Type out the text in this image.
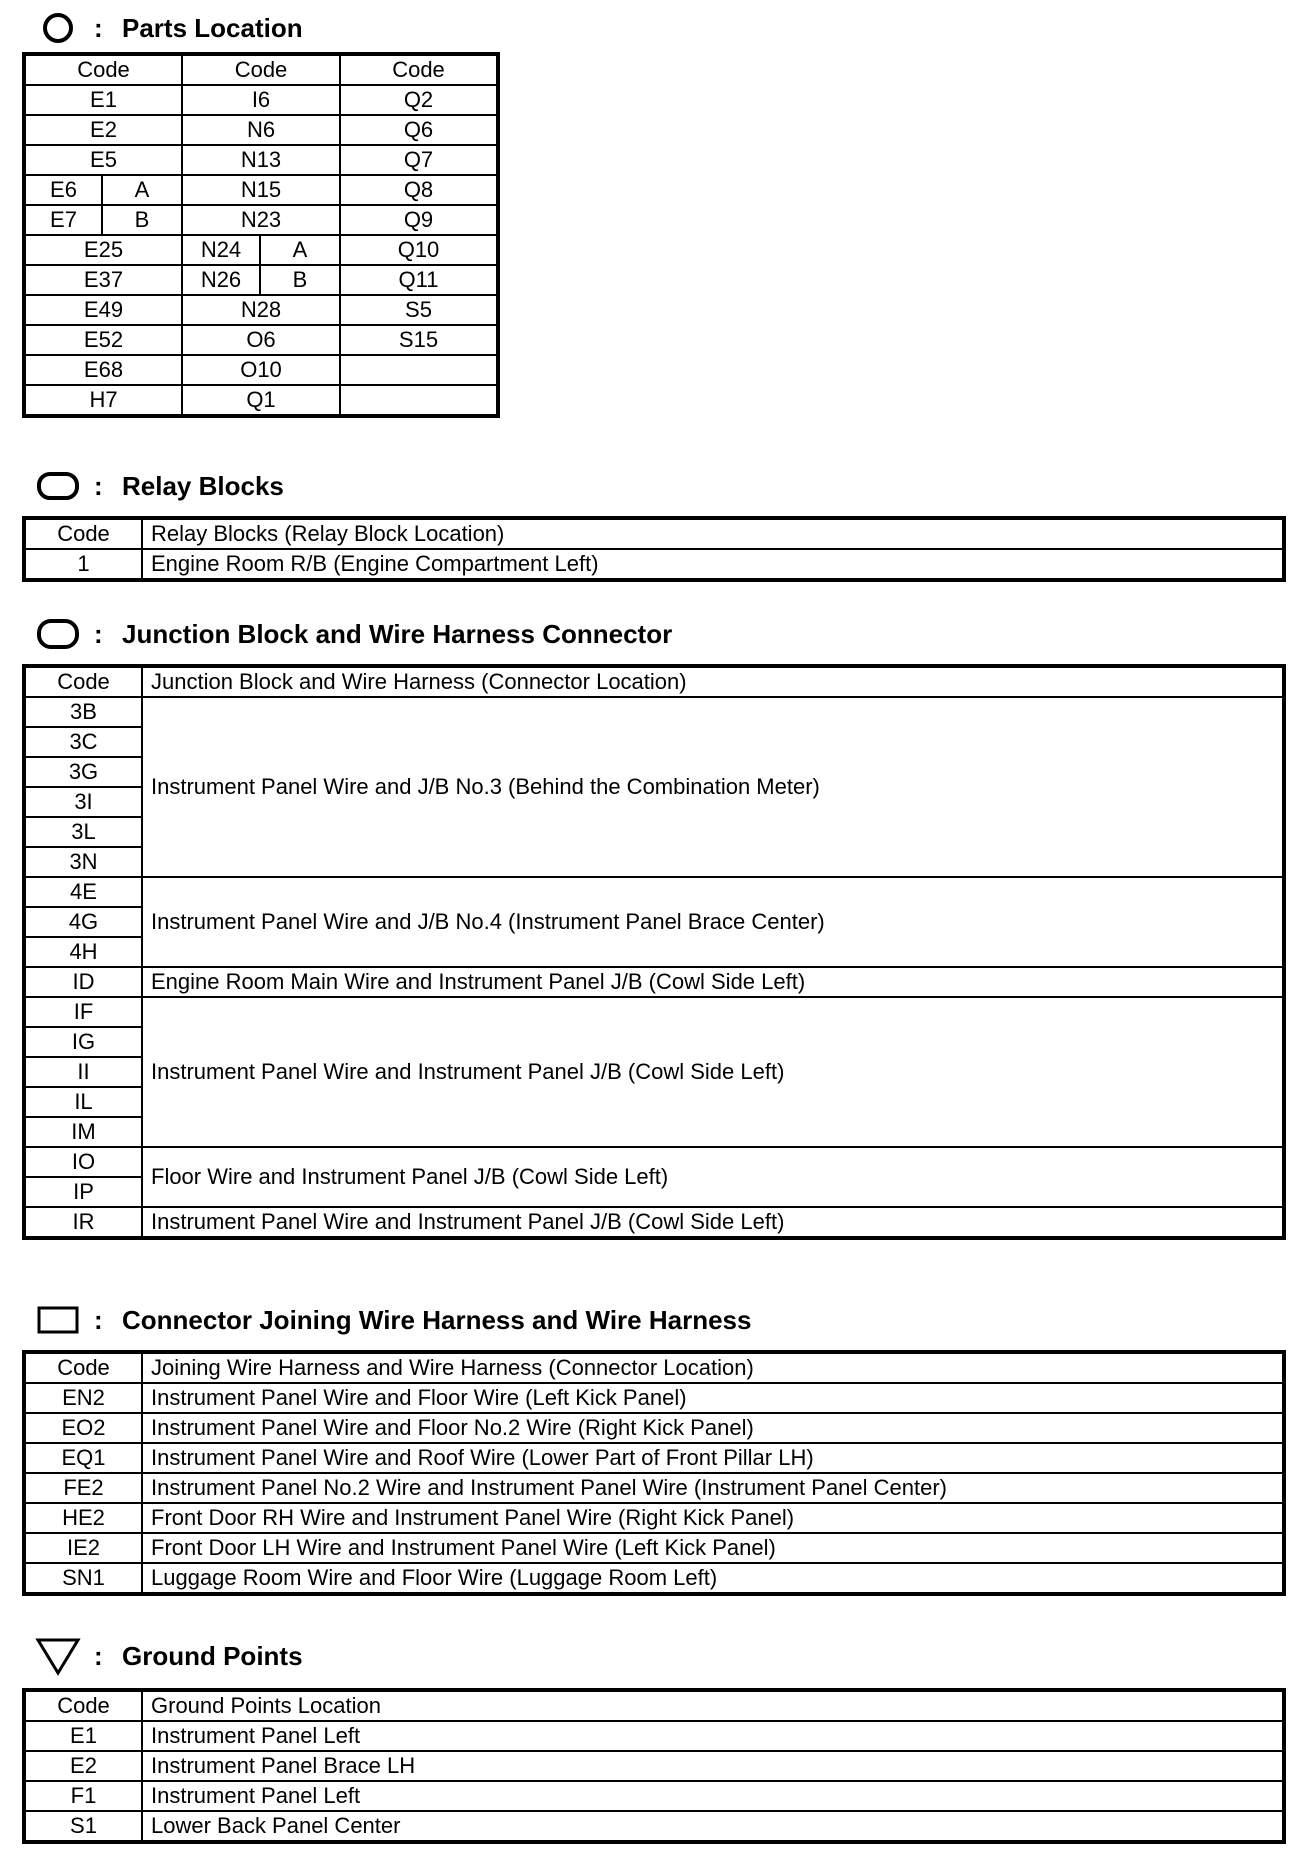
: Parts Location
Code		Code		Code
E1		I6		Q2
E2		N6		Q6
E5		N13		Q7
E6	A	N15		Q8
E7	B	N23		Q9
E25		N24	A	Q10
E37		N26	B	Q11
E49		N28		S5
E52		O6		S15
E68		O10		
H7		Q1		
: Relay Blocks
Code	Relay Blocks (Relay Block Location)
1	Engine Room R/B (Engine Compartment Left)
: Junction Block and Wire Harness Connector
Code	Junction Block and Wire Harness (Connector Location)
3B	Instrument Panel Wire and J/B No.3 (Behind the Combination Meter)
3C	
3G	
3I	
3L	
3N	
4E	Instrument Panel Wire and J/B No.4 (Instrument Panel Brace Center)
4G	
4H	
ID	Engine Room Main Wire and Instrument Panel J/B (Cowl Side Left)
IF	Instrument Panel Wire and Instrument Panel J/B (Cowl Side Left)
IG	
II	
IL	
IM	
IO	Floor Wire and Instrument Panel J/B (Cowl Side Left)
IP	
IR	Instrument Panel Wire and Instrument Panel J/B (Cowl Side Left)
: Connector Joining Wire Harness and Wire Harness
Code	Joining Wire Harness and Wire Harness (Connector Location)
EN2	Instrument Panel Wire and Floor Wire (Left Kick Panel)
EO2	Instrument Panel Wire and Floor No.2 Wire (Right Kick Panel)
EQ1	Instrument Panel Wire and Roof Wire (Lower Part of Front Pillar LH)
FE2	Instrument Panel No.2 Wire and Instrument Panel Wire (Instrument Panel Center)
HE2	Front Door RH Wire and Instrument Panel Wire (Right Kick Panel)
IE2	Front Door LH Wire and Instrument Panel Wire (Left Kick Panel)
SN1	Luggage Room Wire and Floor Wire (Luggage Room Left)
: Ground Points
Code	Ground Points Location
E1	Instrument Panel Left
E2	Instrument Panel Brace LH
F1	Instrument Panel Left
S1	Lower Back Panel Center
